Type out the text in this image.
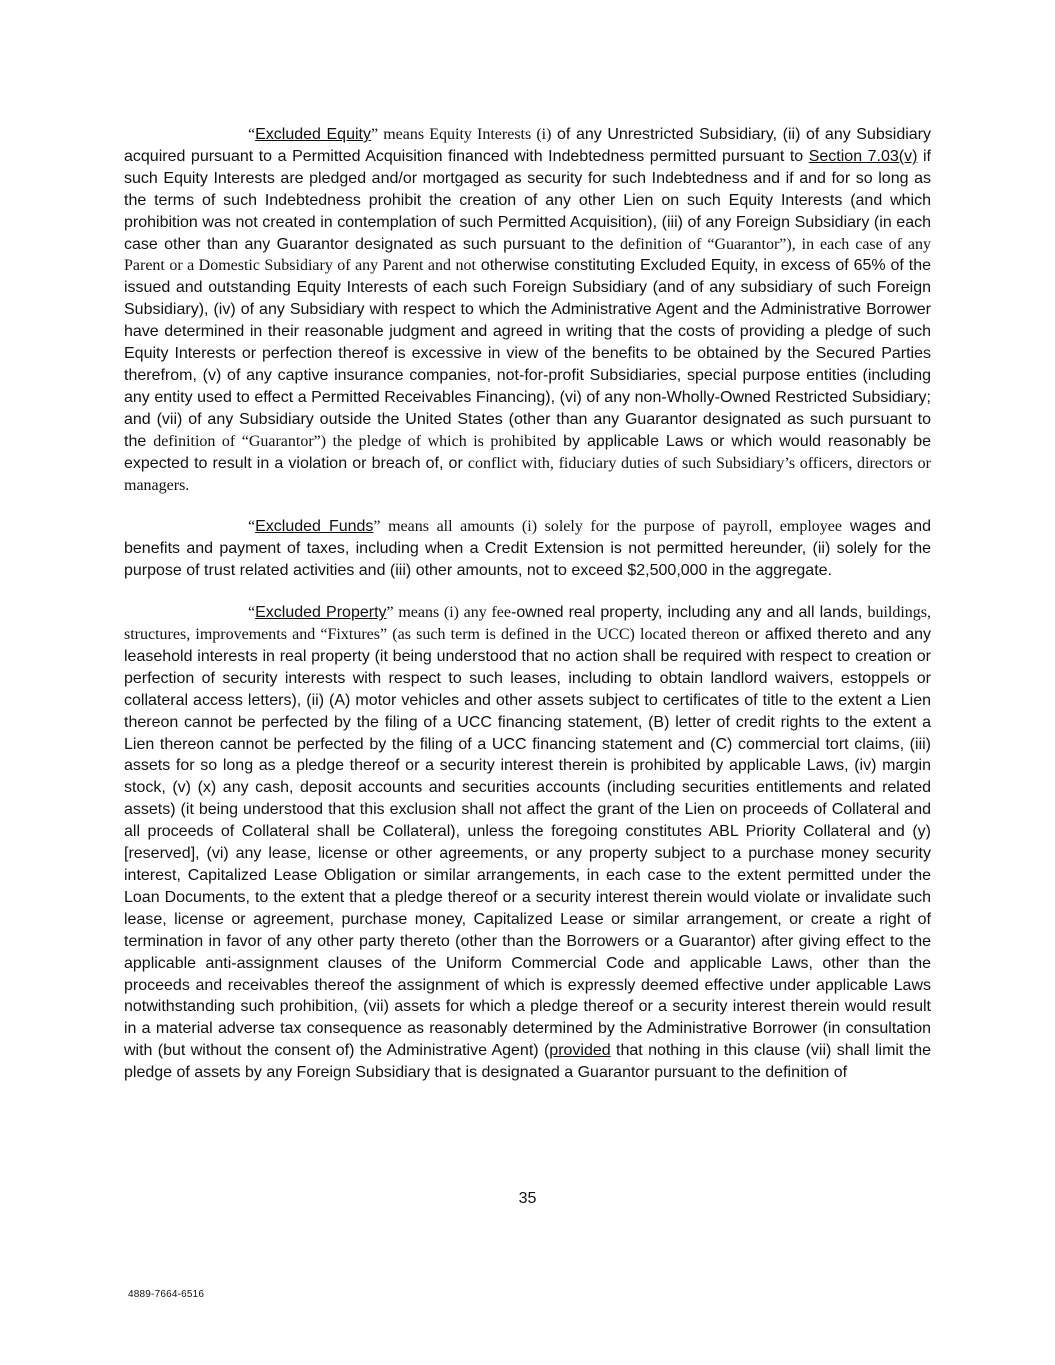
“Excluded Equity” means Equity Interests (i) of any Unrestricted Subsidiary, (ii) of any Subsidiary acquired pursuant to a Permitted Acquisition financed with Indebtedness permitted pursuant to Section 7.03(v) if such Equity Interests are pledged and/or mortgaged as security for such Indebtedness and if and for so long as the terms of such Indebtedness prohibit the creation of any other Lien on such Equity Interests (and which prohibition was not created in contemplation of such Permitted Acquisition), (iii) of any Foreign Subsidiary (in each case other than any Guarantor designated as such pursuant to the definition of “Guarantor”), in each case of any Parent or a Domestic Subsidiary of any Parent and not otherwise constituting Excluded Equity, in excess of 65% of the issued and outstanding Equity Interests of each such Foreign Subsidiary (and of any subsidiary of such Foreign Subsidiary), (iv) of any Subsidiary with respect to which the Administrative Agent and the Administrative Borrower have determined in their reasonable judgment and agreed in writing that the costs of providing a pledge of such Equity Interests or perfection thereof is excessive in view of the benefits to be obtained by the Secured Parties therefrom, (v) of any captive insurance companies, not-for-profit Subsidiaries, special purpose entities (including any entity used to effect a Permitted Receivables Financing), (vi) of any non-Wholly-Owned Restricted Subsidiary; and (vii) of any Subsidiary outside the United States (other than any Guarantor designated as such pursuant to the definition of “Guarantor”) the pledge of which is prohibited by applicable Laws or which would reasonably be expected to result in a violation or breach of, or conflict with, fiduciary duties of such Subsidiary’s officers, directors or managers.

“Excluded Funds” means all amounts (i) solely for the purpose of payroll, employee wages and benefits and payment of taxes, including when a Credit Extension is not permitted hereunder, (ii) solely for the purpose of trust related activities and (iii) other amounts, not to exceed $2,500,000 in the aggregate.

“Excluded Property” means (i) any fee-owned real property, including any and all lands, buildings, structures, improvements and “Fixtures” (as such term is defined in the UCC) located thereon or affixed thereto and any leasehold interests in real property (it being understood that no action shall be required with respect to creation or perfection of security interests with respect to such leases, including to obtain landlord waivers, estoppels or collateral access letters), (ii) (A) motor vehicles and other assets subject to certificates of title to the extent a Lien thereon cannot be perfected by the filing of a UCC financing statement, (B) letter of credit rights to the extent a Lien thereon cannot be perfected by the filing of a UCC financing statement and (C) commercial tort claims, (iii) assets for so long as a pledge thereof or a security interest therein is prohibited by applicable Laws, (iv) margin stock, (v) (x) any cash, deposit accounts and securities accounts (including securities entitlements and related assets) (it being understood that this exclusion shall not affect the grant of the Lien on proceeds of Collateral and all proceeds of Collateral shall be Collateral), unless the foregoing constitutes ABL Priority Collateral and (y) [reserved], (vi) any lease, license or other agreements, or any property subject to a purchase money security interest, Capitalized Lease Obligation or similar arrangements, in each case to the extent permitted under the Loan Documents, to the extent that a pledge thereof or a security interest therein would violate or invalidate such lease, license or agreement, purchase money, Capitalized Lease or similar arrangement, or create a right of termination in favor of any other party thereto (other than the Borrowers or a Guarantor) after giving effect to the applicable anti-assignment clauses of the Uniform Commercial Code and applicable Laws, other than the proceeds and receivables thereof the assignment of which is expressly deemed effective under applicable Laws notwithstanding such prohibition, (vii) assets for which a pledge thereof or a security interest therein would result in a material adverse tax consequence as reasonably determined by the Administrative Borrower (in consultation with (but without the consent of) the Administrative Agent) (provided that nothing in this clause (vii) shall limit the pledge of assets by any Foreign Subsidiary that is designated a Guarantor pursuant to the definition of

35
4889-7664-6516
